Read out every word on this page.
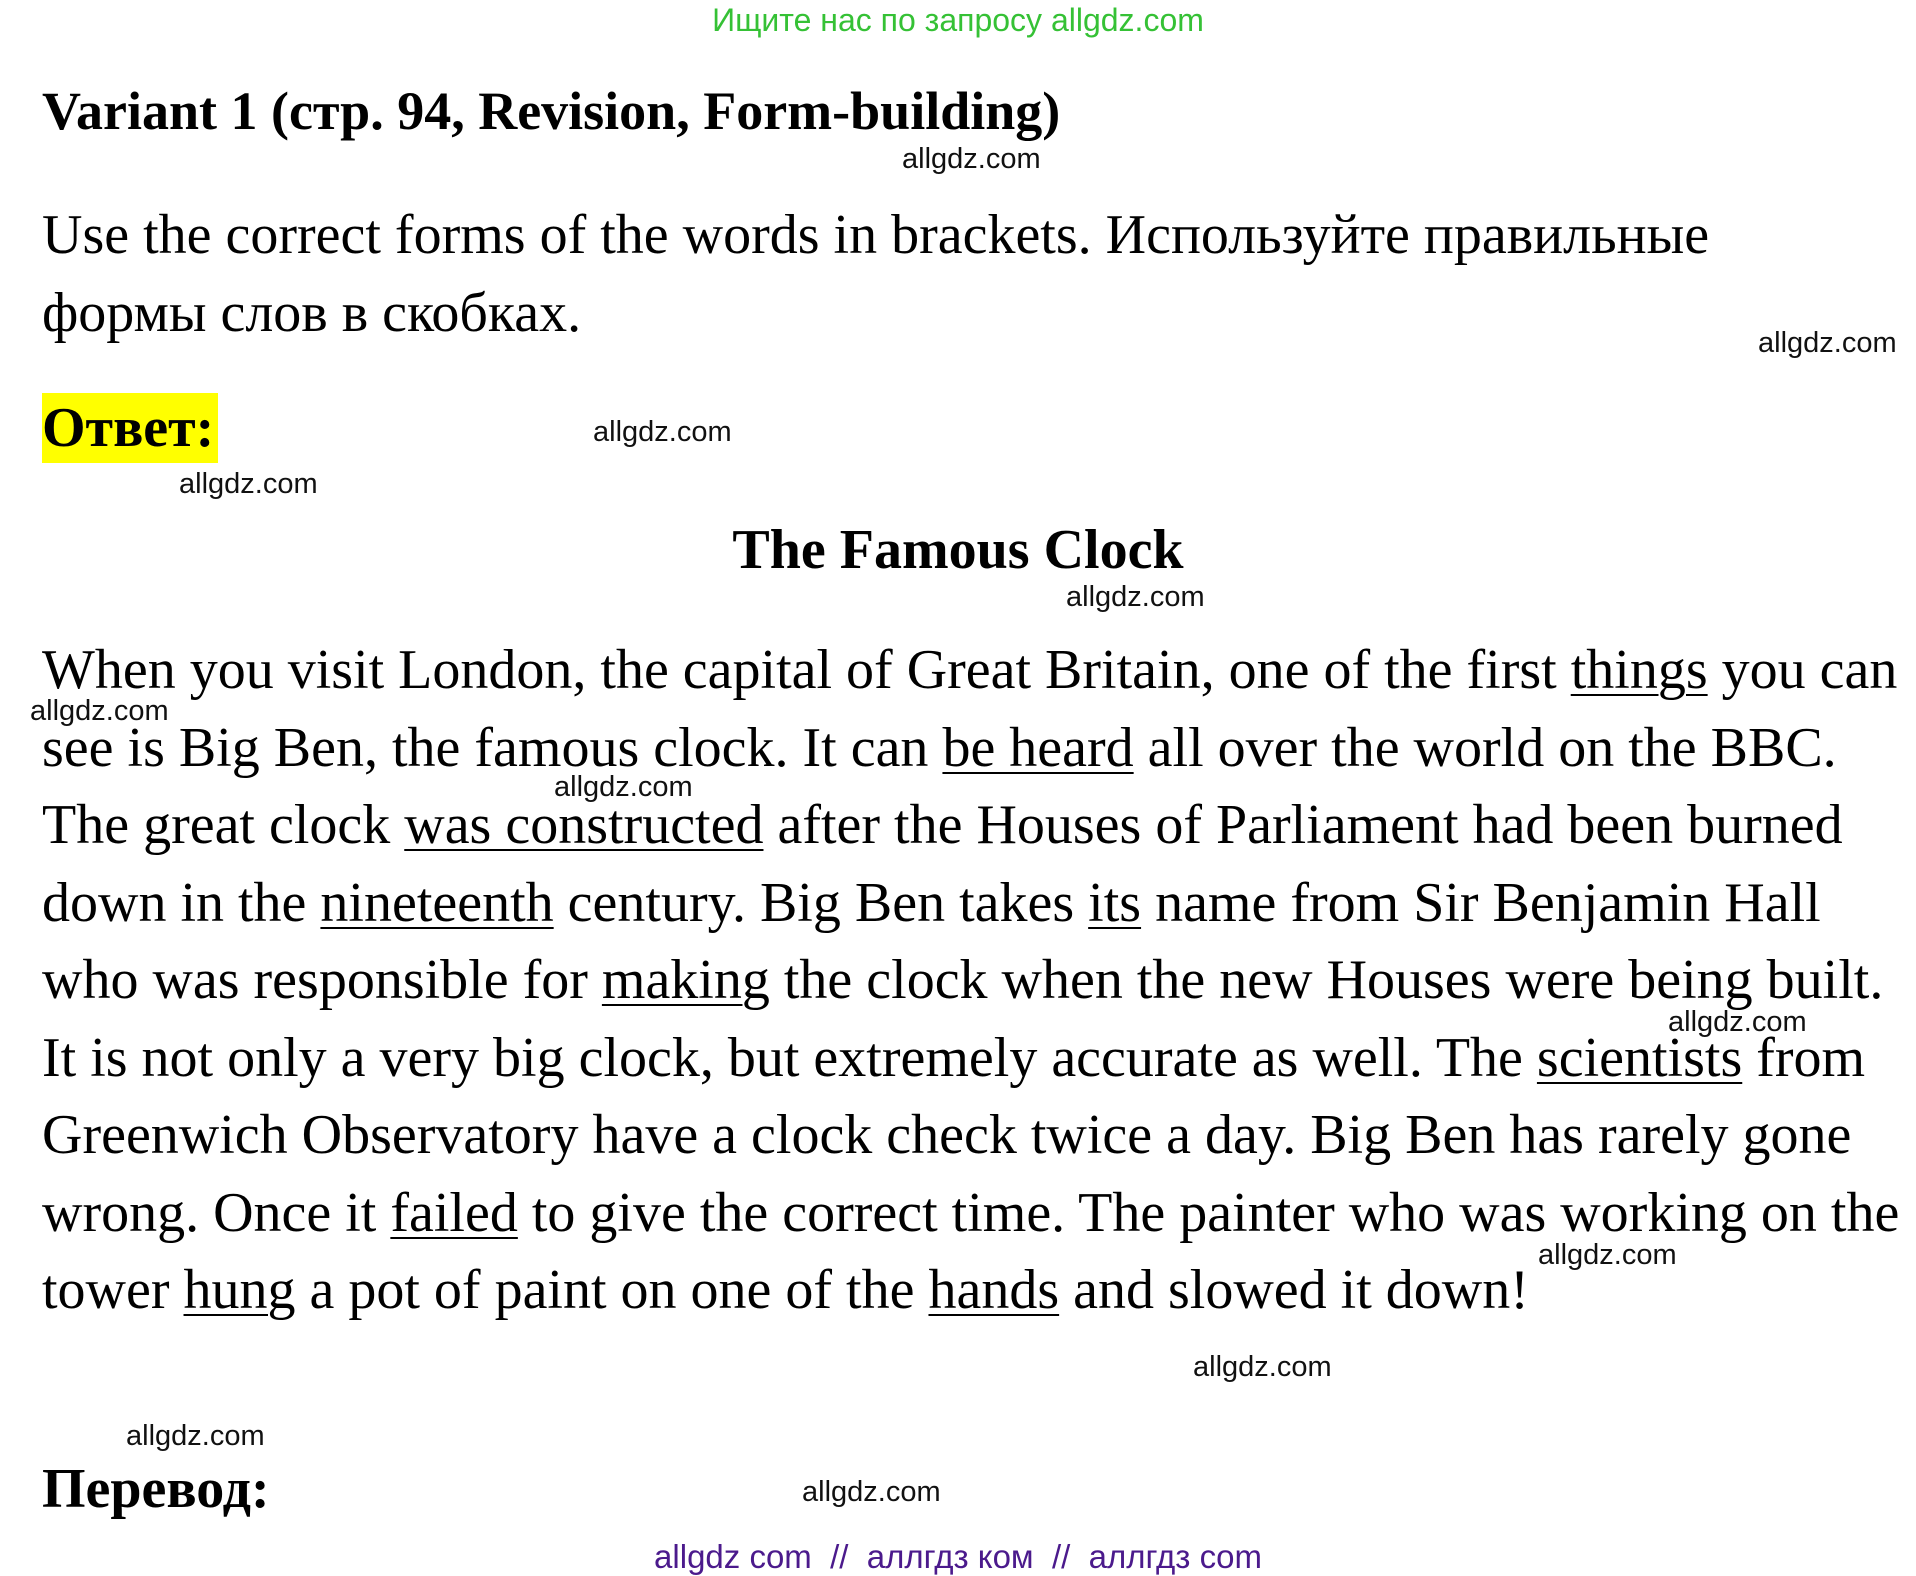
Ищите нас по запросу allgdz.com
Variant 1 (стр. 94, Revision, Form-building)
Use the correct forms of the words in brackets. Используйте правильные формы слов в скобках.
Ответ:
The Famous Clock
When you visit London, the capital of Great Britain, one of the first things you can see is Big Ben, the famous clock. It can be heard all over the world on the BBC. The great clock was constructed after the Houses of Parliament had been burned down in the nineteenth century. Big Ben takes its name from Sir Benjamin Hall who was responsible for making the clock when the new Houses were being built. It is not only a very big clock, but extremely accurate as well. The scientists from Greenwich Observatory have a clock check twice a day. Big Ben has rarely gone wrong. Once it failed to give the correct time. The painter who was working on the tower hung a pot of paint on one of the hands and slowed it down!
Перевод:
allgdz.com
allgdz.com
allgdz.com
allgdz.com
allgdz.com
allgdz.com
allgdz.com
allgdz.com
allgdz.com
allgdz.com
allgdz.com
allgdz.com
allgdz com  //  аллгдз ком  //  аллгдз com
